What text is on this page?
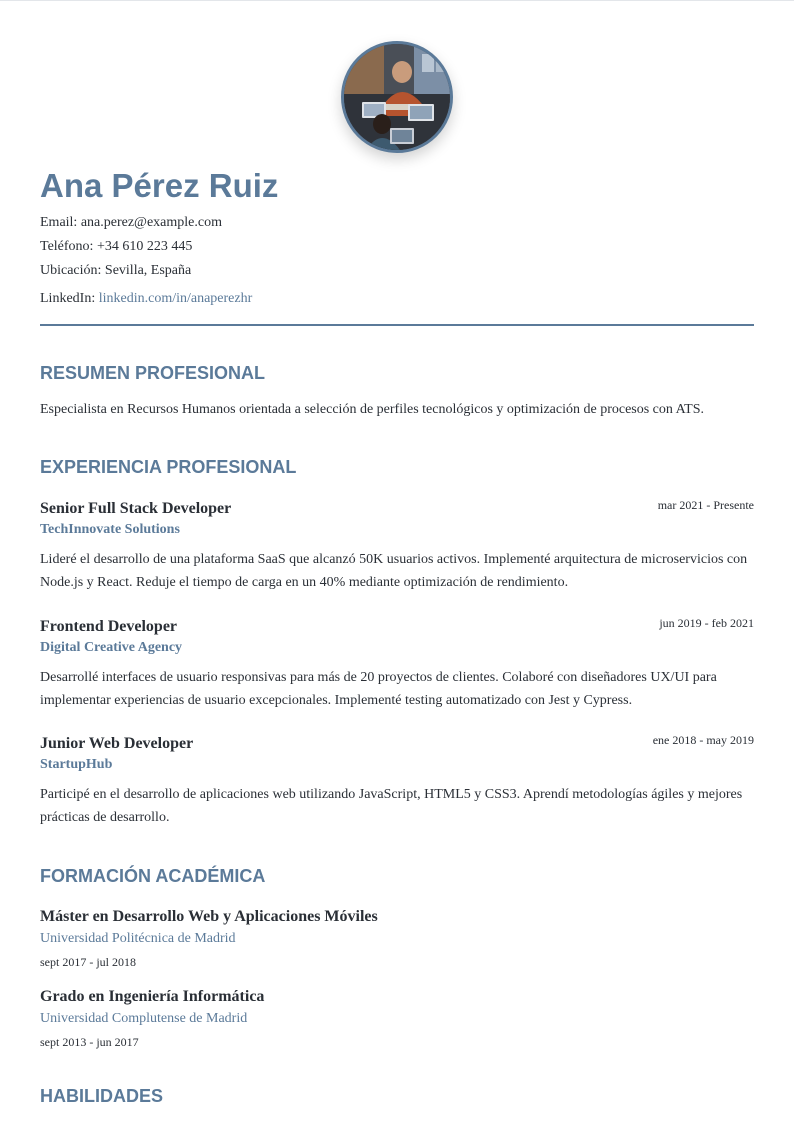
Ana Pérez Ruiz
Email: ana.perez@example.com
Teléfono: +34 610 223 445
Ubicación: Sevilla, España
LinkedIn: linkedin.com/in/anaperezhr
RESUMEN PROFESIONAL
Especialista en Recursos Humanos orientada a selección de perfiles tecnológicos y optimización de procesos con ATS.
EXPERIENCIA PROFESIONAL
Senior Full Stack Developer	mar 2021 - Presente
TechInnovate Solutions
Lideré el desarrollo de una plataforma SaaS que alcanzó 50K usuarios activos. Implementé arquitectura de microservicios con Node.js y React. Reduje el tiempo de carga en un 40% mediante optimización de rendimiento.
Frontend Developer	jun 2019 - feb 2021
Digital Creative Agency
Desarrollé interfaces de usuario responsivas para más de 20 proyectos de clientes. Colaboré con diseñadores UX/UI para implementar experiencias de usuario excepcionales. Implementé testing automatizado con Jest y Cypress.
Junior Web Developer	ene 2018 - may 2019
StartupHub
Participé en el desarrollo de aplicaciones web utilizando JavaScript, HTML5 y CSS3. Aprendí metodologías ágiles y mejores prácticas de desarrollo.
FORMACIÓN ACADÉMICA
Máster en Desarrollo Web y Aplicaciones Móviles
Universidad Politécnica de Madrid
sept 2017 - jul 2018
Grado en Ingeniería Informática
Universidad Complutense de Madrid
sept 2013 - jun 2017
HABILIDADES
